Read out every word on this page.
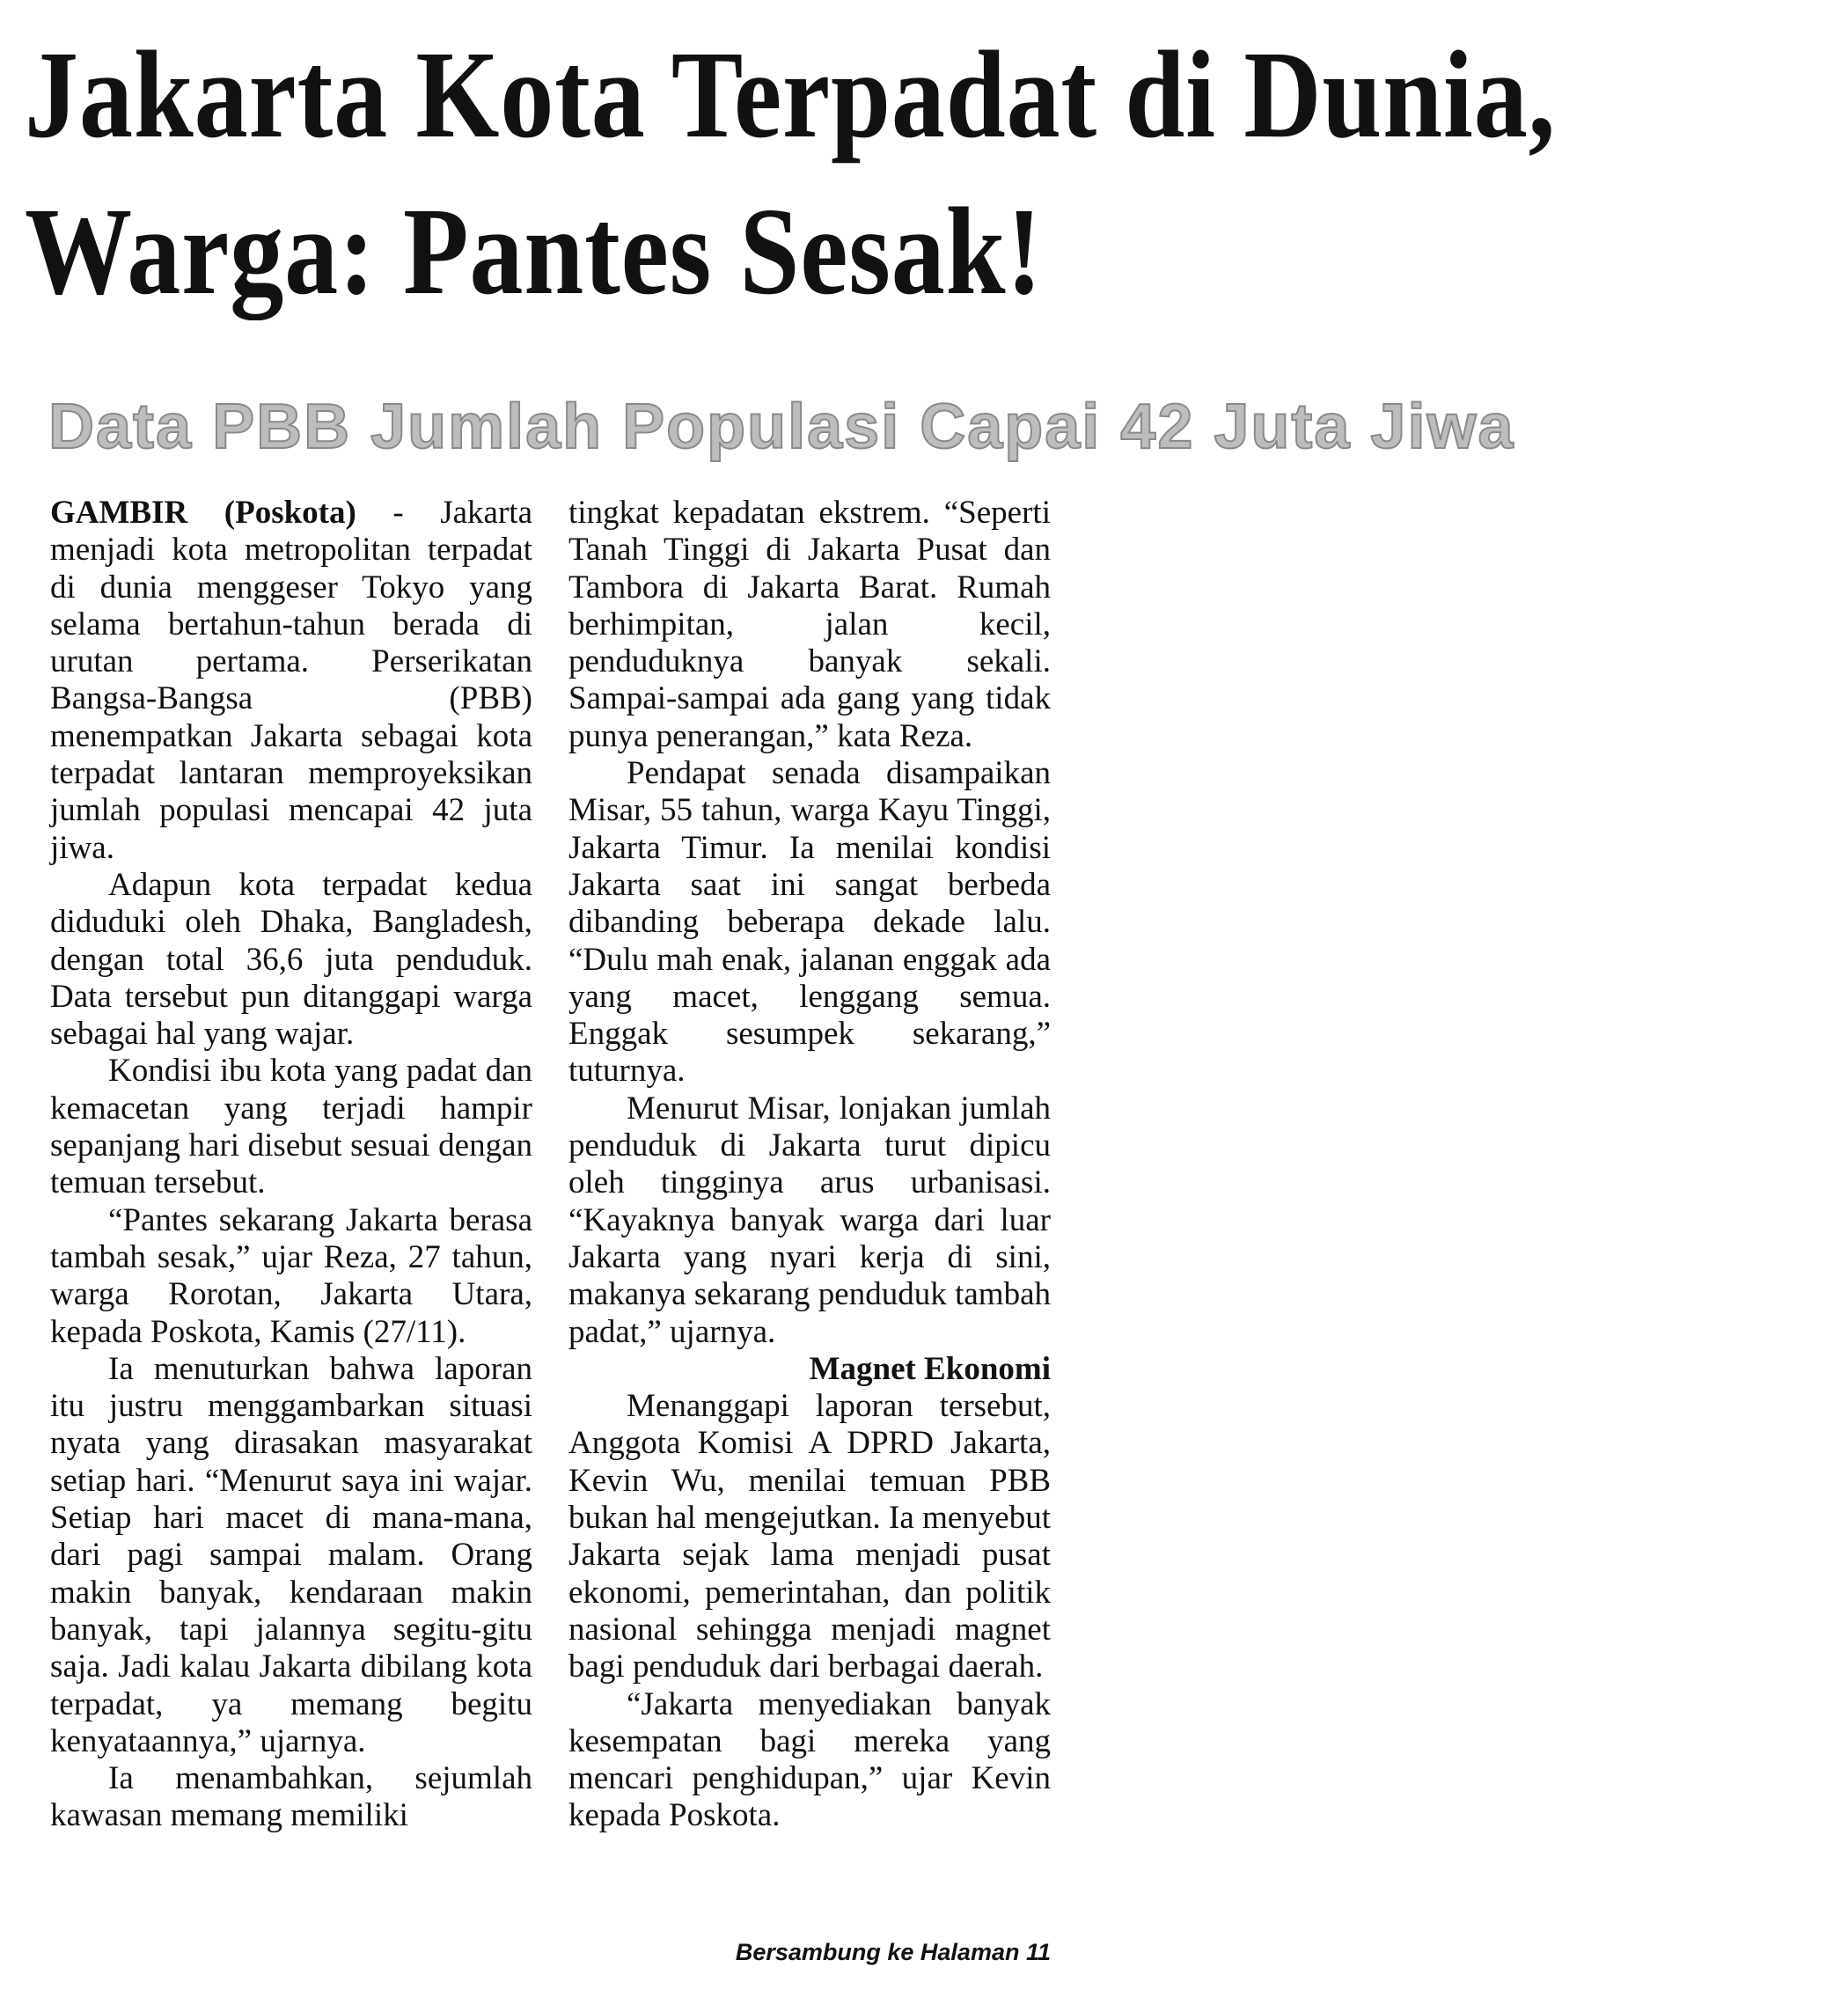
Jakarta Kota Terpadat di Dunia,
Warga: Pantes Sesak!
Data PBB Jumlah Populasi Capai 42 Juta Jiwa

GAMBIR (Poskota) - Jakarta menjadi kota metropolitan terpadat di dunia menggeser Tokyo yang selama bertahun-tahun berada di urutan pertama. Perserikatan Bangsa-Bangsa (PBB) menempatkan Jakarta sebagai kota terpadat lantaran memproyeksikan jumlah populasi mencapai 42 juta jiwa.

Adapun kota terpadat kedua diduduki oleh Dhaka, Bangladesh, dengan total 36,6 juta penduduk. Data tersebut pun ditanggapi warga sebagai hal yang wajar.

Kondisi ibu kota yang padat dan kemacetan yang terjadi hampir sepanjang hari disebut sesuai dengan temuan tersebut.

“Pantes sekarang Jakarta berasa tambah sesak,” ujar Reza, 27 tahun, warga Rorotan, Jakarta Utara, kepada Poskota, Kamis (27/11).

Ia menuturkan bahwa laporan itu justru menggambarkan situasi nyata yang dirasakan masyarakat setiap hari. “Menurut saya ini wajar. Setiap hari macet di mana-mana, dari pagi sampai malam. Orang makin banyak, kendaraan makin banyak, tapi jalannya segitu-gitu saja. Jadi kalau Jakarta dibilang kota terpadat, ya memang begitu kenyataannya,” ujarnya.

Ia menambahkan, sejumlah kawasan memang memiliki

tingkat kepadatan ekstrem. “Seperti Tanah Tinggi di Jakarta Pusat dan Tambora di Jakarta Barat. Rumah berhimpitan, jalan kecil, penduduknya banyak sekali. Sampai-sampai ada gang yang tidak punya penerangan,” kata Reza.

Pendapat senada disampaikan Misar, 55 tahun, warga Kayu Tinggi, Jakarta Timur. Ia menilai kondisi Jakarta saat ini sangat berbeda dibanding beberapa dekade lalu. “Dulu mah enak, jalanan enggak ada yang macet, lenggang semua. Enggak sesumpek sekarang,” tuturnya.

Menurut Misar, lonjakan jumlah penduduk di Jakarta turut dipicu oleh tingginya arus urbanisasi. “Kayaknya banyak warga dari luar Jakarta yang nyari kerja di sini, makanya sekarang penduduk tambah padat,” ujarnya.

Magnet Ekonomi

Menanggapi laporan tersebut, Anggota Komisi A DPRD Jakarta, Kevin Wu, menilai temuan PBB bukan hal mengejutkan. Ia menyebut Jakarta sejak lama menjadi pusat ekonomi, pemerintahan, dan politik nasional sehingga menjadi magnet bagi penduduk dari berbagai daerah.

“Jakarta menyediakan banyak kesempatan bagi mereka yang mencari penghidupan,” ujar Kevin kepada Poskota.

Bersambung ke Halaman 11
